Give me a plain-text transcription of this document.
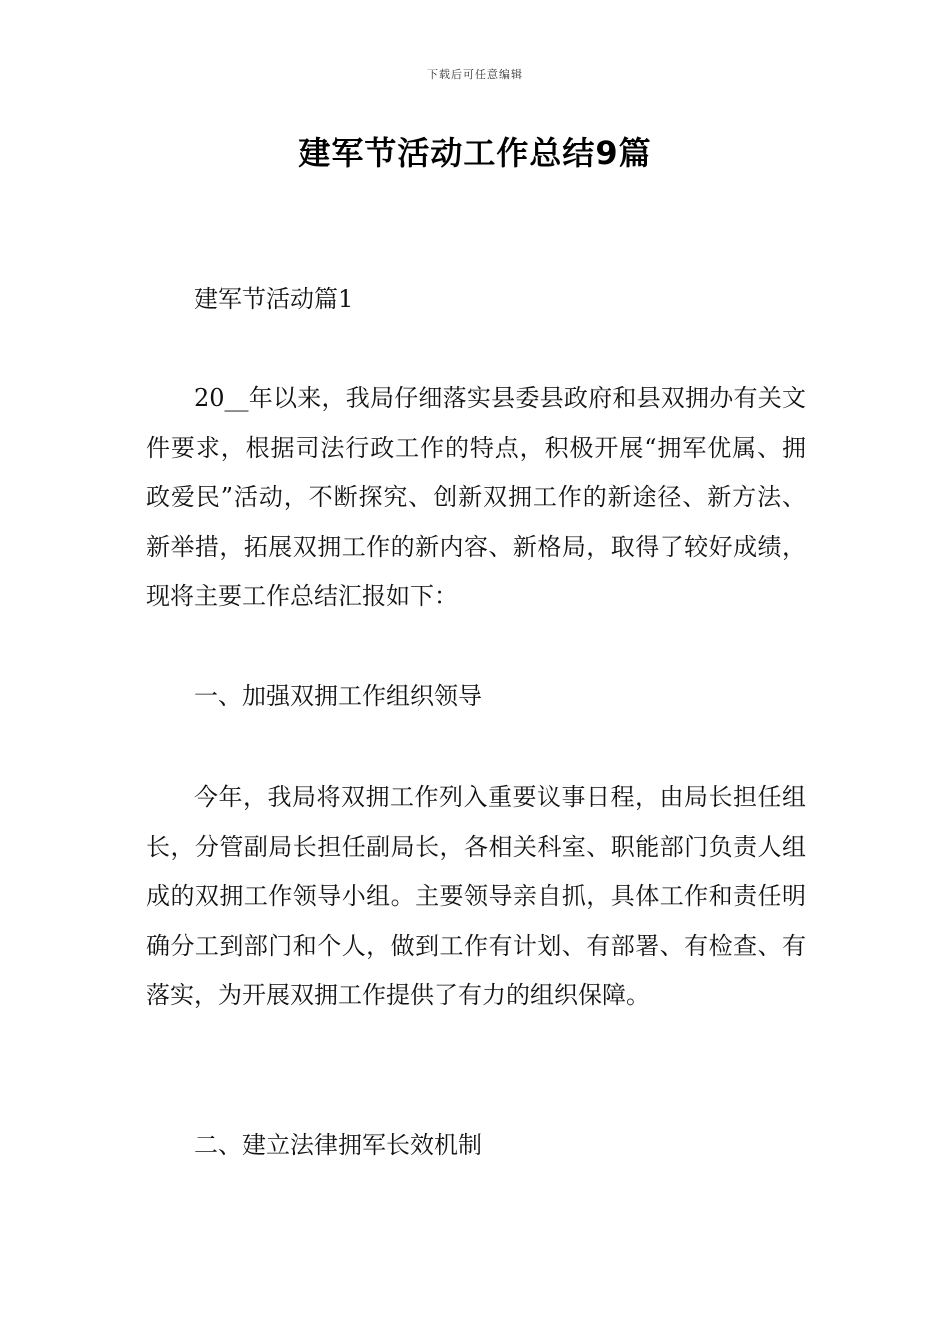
下载后可任意编辑
建军节活动工作总结9篇

建军节活动篇1

20__年以来，我局仔细落实县委县政府和县双拥办有关文件要求，根据司法行政工作的特点，积极开展“拥军优属、拥政爱民”活动，不断探究、创新双拥工作的新途径、新方法、新举措，拓展双拥工作的新内容、新格局，取得了较好成绩，现将主要工作总结汇报如下：

一、加强双拥工作组织领导

今年，我局将双拥工作列入重要议事日程，由局长担任组长，分管副局长担任副局长，各相关科室、职能部门负责人组成的双拥工作领导小组。主要领导亲自抓，具体工作和责任明确分工到部门和个人，做到工作有计划、有部署、有检查、有落实，为开展双拥工作提供了有力的组织保障。

二、建立法律拥军长效机制
